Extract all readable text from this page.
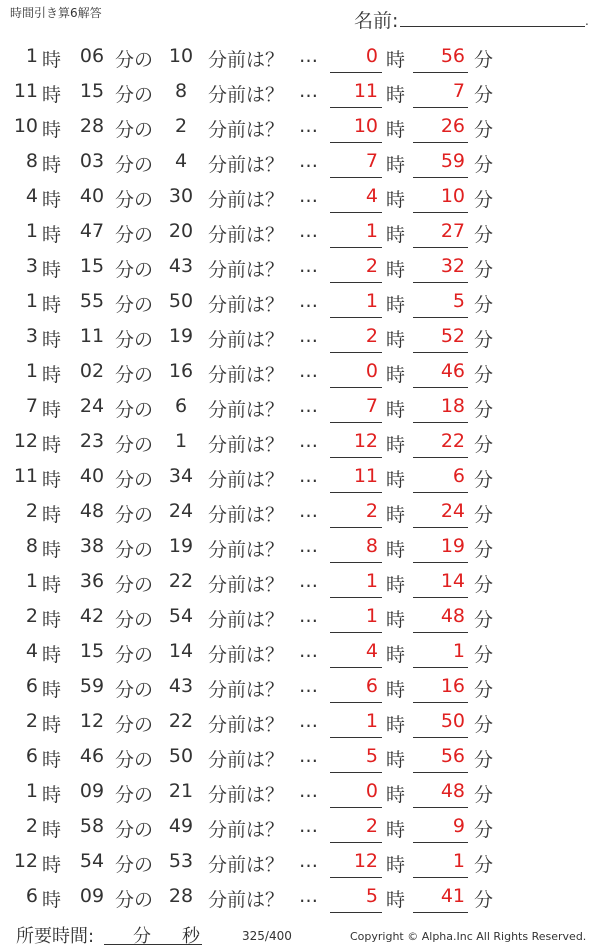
時間引き算6解答	名前:	.
1 時 06 分の 10 分前は？ …	0 時	56 分
11 時 15 分の	8	分前は？ …	11 時	7 分
10 時 28 分の	2	分前は？ …	10 時	26 分
8 時 03 分の	4	分前は？ …	7 時	59 分
4 時 40 分の 30 分前は？ …	4 時	10 分
1 時 47 分の 20 分前は？ …	1 時	27 分
3 時 15 分の 43 分前は？ …	2 時	32 分
1 時 55 分の 50 分前は？ …	1 時	5 分
3 時 11 分の 19 分前は？ …	2 時	52 分
1 時 02 分の 16 分前は？ …	0 時	46 分
7 時 24 分の	6	分前は？ …	7 時	18 分
12 時 23 分の	1	分前は？ …	12 時	22 分
11 時 40 分の 34 分前は？ …	11 時	6 分
2 時 48 分の 24 分前は？ …	2 時	24 分
8 時 38 分の 19 分前は？ …	8 時	19 分
1 時 36 分の 22 分前は？ …	1 時	14 分
2 時 42 分の 54 分前は？ …	1 時	48 分
4 時 15 分の 14 分前は？ …	4 時	1 分
6 時 59 分の 43 分前は？ …	6 時	16 分
2 時 12 分の 22 分前は？ …	1 時	50 分
6 時 46 分の 50 分前は？ …	5 時	56 分
1 時 09 分の 21 分前は？ …	0 時	48 分
2 時 58 分の 49 分前は？ …	2 時	9 分
12 時 54 分の 53 分前は？ …	12 時	1 分
6 時 09 分の 28 分前は？ …	5 時	41 分
所要時間: 分 秒	325/400	Copyright © Alpha.Inc All Rights Reserved.
